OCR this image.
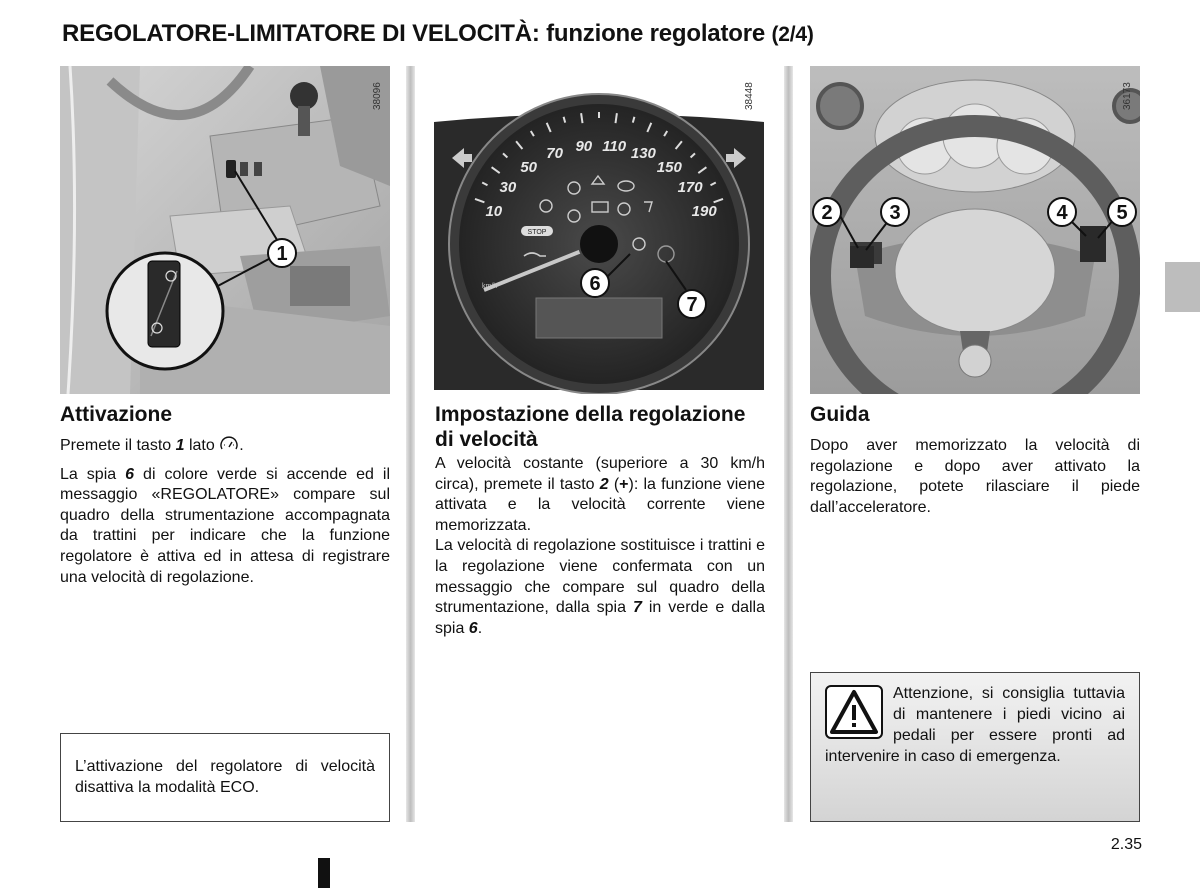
REGOLATORE-LIMITATORE DI VELOCITÀ: funzione regolatore (2/4)
1
38096
10
30
50
70 90 110 130
150
170
190
STOP
km/h	6
7
38448
2	3	4 5
36173
Attivazione

Premete il tasto 1 lato .

La spia 6 di colore verde si accende ed il messaggio «REGOLATORE» compare sul quadro della strumentazione accompagnata da trattini per indicare che la funzione regolatore è attiva ed in attesa di registrare una velocità di regolazione.

Impostazione della regolazione di velocità

A velocità costante (superiore a 30 km/h circa), premete il tasto 2 (+): la funzione viene attivata e la velocità corrente viene memorizzata.

La velocità di regolazione sostituisce i trattini e la regolazione viene confermata con un messaggio che compare sul quadro della strumentazione, dalla spia 7 in verde e dalla spia 6.

Guida

Dopo aver memorizzato la velocità di regolazione e dopo aver attivato la regolazione, potete rilasciare il piede dall’acceleratore.

L’attivazione del regolatore di velocità disattiva la modalità ECO.
Attenzione, si consiglia tuttavia di mantenere i piedi vicino ai pedali per essere pronti ad intervenire in caso di emergenza.
2.35
